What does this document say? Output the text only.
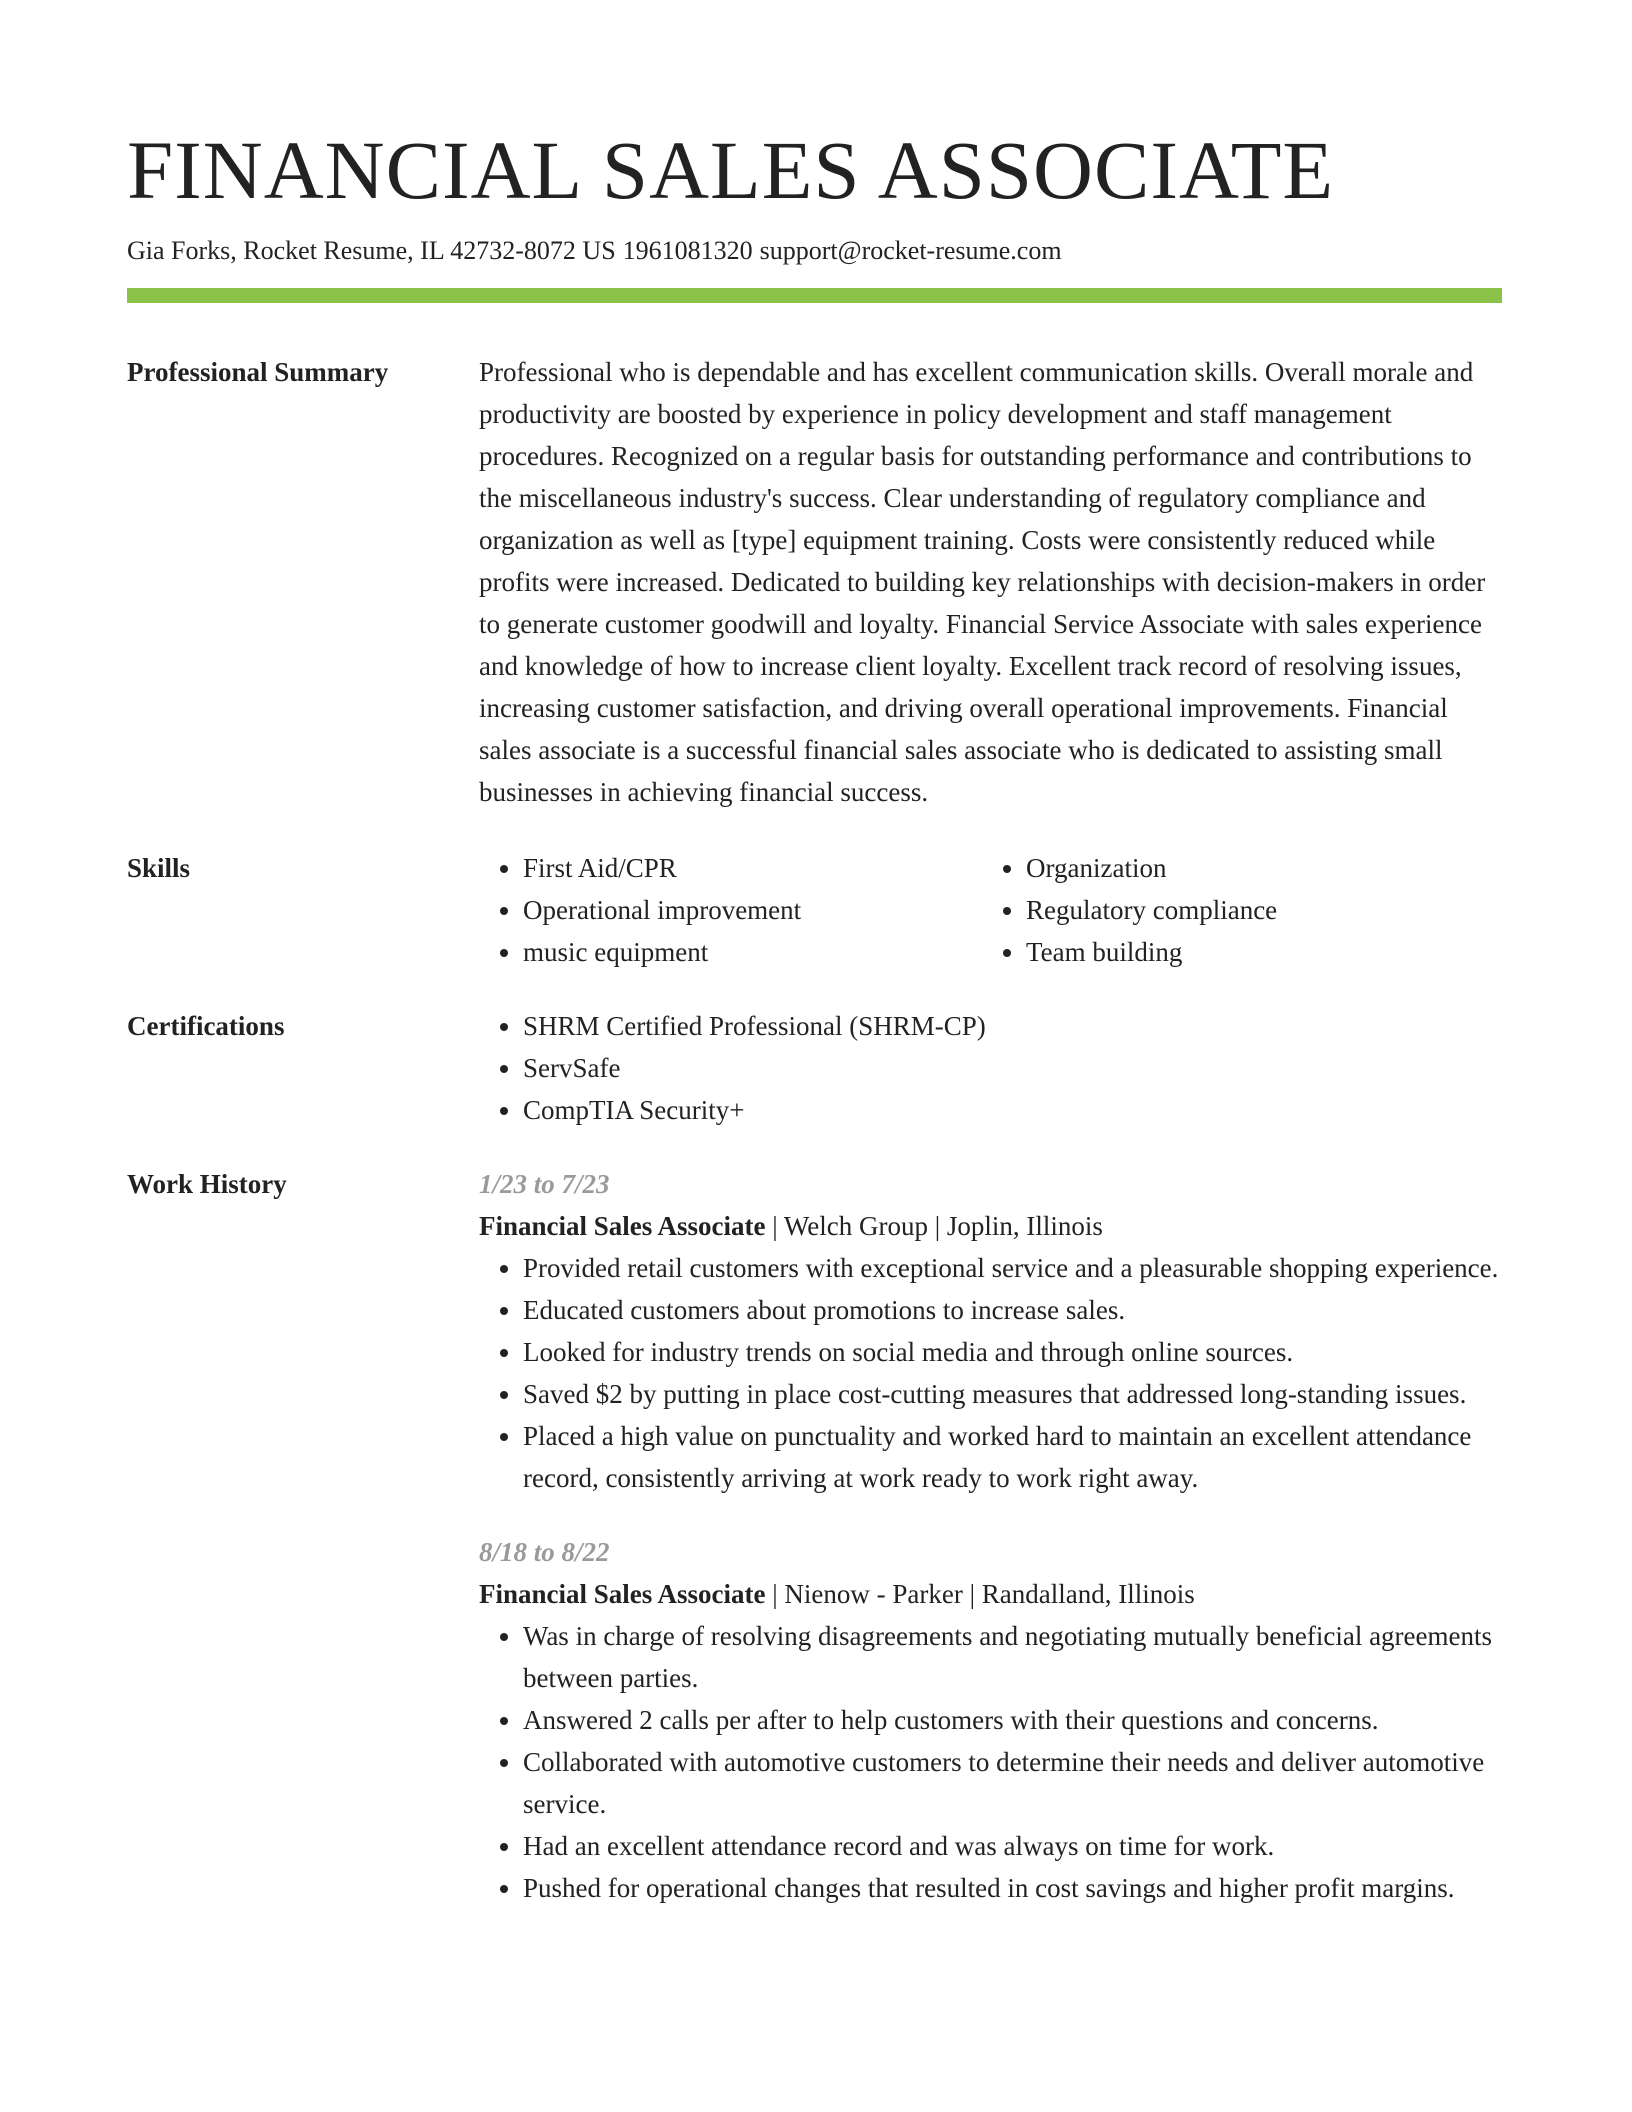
FINANCIAL SALES ASSOCIATE
Gia Forks, Rocket Resume, IL 42732-8072 US 1961081320 support@rocket-resume.com
Professional Summary	Professional who is dependable and has excellent communication skills. Overall morale and productivity are boosted by experience in policy development and staff management procedures. Recognized on a regular basis for outstanding performance and contributions to the miscellaneous industry's success. Clear understanding of regulatory compliance and organization as well as [type] equipment training. Costs were consistently reduced while profits were increased. Dedicated to building key relationships with decision-makers in order to generate customer goodwill and loyalty. Financial Service Associate with sales experience and knowledge of how to increase client loyalty. Excellent track record of resolving issues, increasing customer satisfaction, and driving overall operational improvements. Financial sales associate is a successful financial sales associate who is dedicated to assisting small businesses in achieving financial success.
Skills	• First Aid/CPR
• Operational improvement
• music equipment
• Organization
• Regulatory compliance
• Team building
Certifications	• SHRM Certified Professional (SHRM-CP)
• ServSafe
• CompTIA Security+
Work History	1/23 to 7/23
Financial Sales Associate | Welch Group | Joplin, Illinois
• Provided retail customers with exceptional service and a pleasurable shopping experience.
• Educated customers about promotions to increase sales.
• Looked for industry trends on social media and through online sources.
• Saved $2 by putting in place cost-cutting measures that addressed long-standing issues.
• Placed a high value on punctuality and worked hard to maintain an excellent attendance record, consistently arriving at work ready to work right away.
8/18 to 8/22
Financial Sales Associate | Nienow - Parker | Randalland, Illinois
• Was in charge of resolving disagreements and negotiating mutually beneficial agreements between parties.
• Answered 2 calls per after to help customers with their questions and concerns.
• Collaborated with automotive customers to determine their needs and deliver automotive service.
• Had an excellent attendance record and was always on time for work.
• Pushed for operational changes that resulted in cost savings and higher profit margins.
